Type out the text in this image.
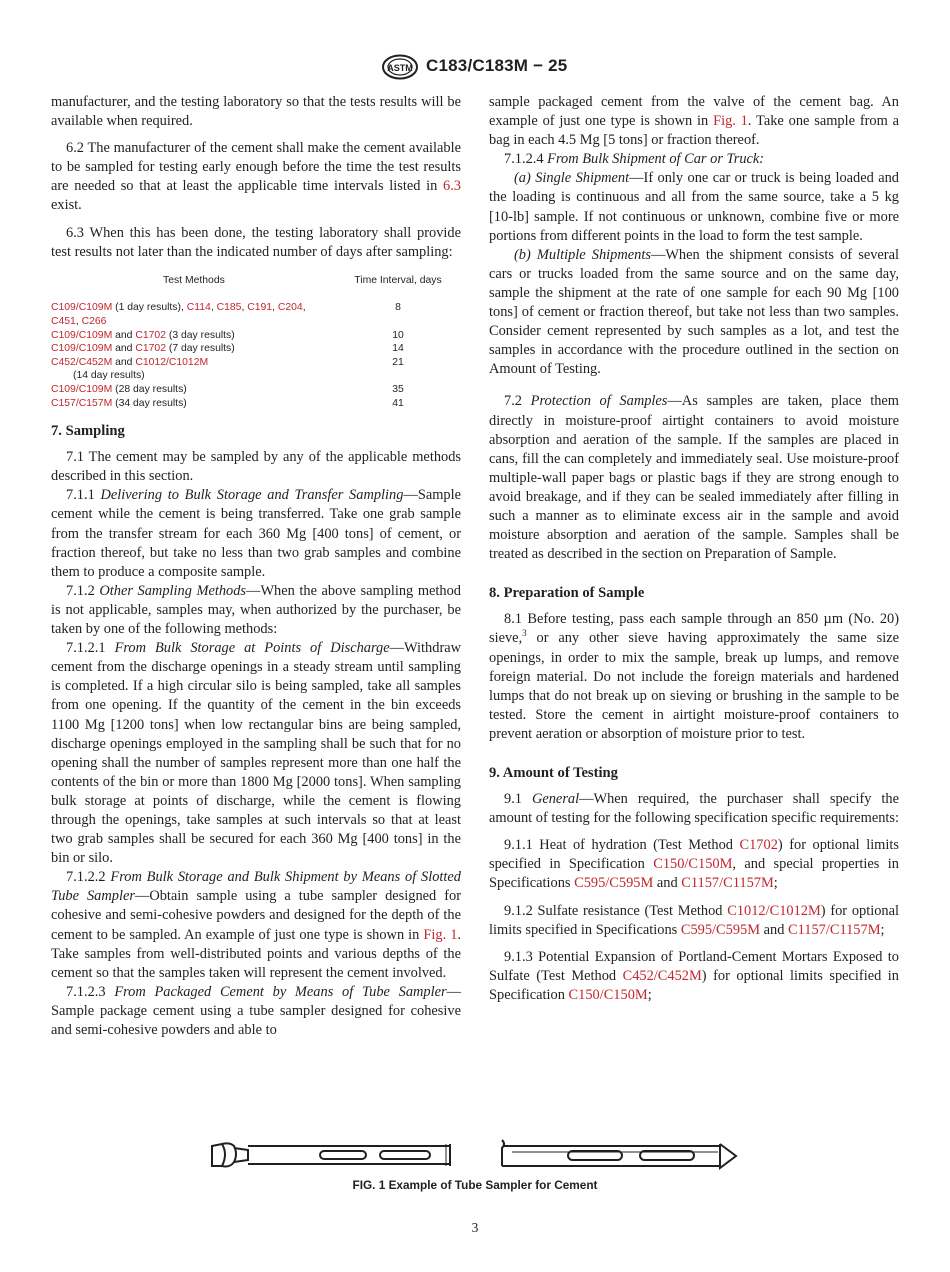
ASTM C183/C183M − 25

manufacturer, and the testing laboratory so that the tests results will be available when required.

6.2 The manufacturer of the cement shall make the cement available to be sampled for testing early enough before the time the test results are needed so that at least the applicable time intervals listed in 6.3 exist.

6.3 When this has been done, the testing laboratory shall provide test results not later than the indicated number of days after sampling:

Test Methods	Time Interval, days
C109/C109M (1 day results), C114, C185, C191, C204,
C451, C266	8
C109/C109M and C1702 (3 day results)	10
C109/C109M and C1702 (7 day results)	14
C452/C452M and C1012/C1012M
(14 day results)	21
C109/C109M (28 day results)	35
C157/C157M (34 day results)	41

7. Sampling

7.1 The cement may be sampled by any of the applicable methods described in this section.

7.1.1 Delivering to Bulk Storage and Transfer Sampling—Sample cement while the cement is being transferred. Take one grab sample from the transfer stream for each 360 Mg [400 tons] of cement, or fraction thereof, but take no less than two grab samples and combine them to produce a composite sample.

7.1.2 Other Sampling Methods—When the above sampling method is not applicable, samples may, when authorized by the purchaser, be taken by one of the following methods:

7.1.2.1 From Bulk Storage at Points of Discharge—Withdraw cement from the discharge openings in a steady stream until sampling is completed. If a high circular silo is being sampled, take all samples from one opening. If the quantity of the cement in the bin exceeds 1100 Mg [1200 tons] when low rectangular bins are being sampled, discharge openings employed in the sampling shall be such that for no opening shall the number of samples represent more than one half the contents of the bin or more than 1800 Mg [2000 tons]. When sampling bulk storage at points of discharge, while the cement is flowing through the openings, take samples at such intervals so that at least two grab samples shall be secured for each 360 Mg [400 tons] in the bin or silo.

7.1.2.2 From Bulk Storage and Bulk Shipment by Means of Slotted Tube Sampler—Obtain sample using a tube sampler designed for cohesive and semi-cohesive powders and designed for the depth of the cement to be sampled. An example of just one type is shown in Fig. 1. Take samples from well-distributed points and various depths of the cement so that the samples taken will represent the cement involved.

7.1.2.3 From Packaged Cement by Means of Tube Sampler—Sample package cement using a tube sampler designed for cohesive and semi-cohesive powders and able to

sample packaged cement from the valve of the cement bag. An example of just one type is shown in Fig. 1. Take one sample from a bag in each 4.5 Mg [5 tons] or fraction thereof.

7.1.2.4 From Bulk Shipment of Car or Truck:

(a) Single Shipment—If only one car or truck is being loaded and the loading is continuous and all from the same source, take a 5 kg [10-lb] sample. If not continuous or unknown, combine five or more portions from different points in the load to form the test sample.

(b) Multiple Shipments—When the shipment consists of several cars or trucks loaded from the same source and on the same day, sample the shipment at the rate of one sample for each 90 Mg [100 tons] of cement or fraction thereof, but take not less than two samples. Consider cement represented by such samples as a lot, and test the samples in accordance with the procedure outlined in the section on Amount of Testing.

7.2 Protection of Samples—As samples are taken, place them directly in moisture-proof airtight containers to avoid moisture absorption and aeration of the sample. If the samples are placed in cans, fill the can completely and immediately seal. Use moisture-proof multiple-wall paper bags or plastic bags if they are strong enough to avoid breakage, and if they can be sealed immediately after filling in such a manner as to eliminate excess air in the sample and avoid moisture absorption and aeration of the sample. Samples shall be treated as described in the section on Preparation of Sample.

8. Preparation of Sample

8.1 Before testing, pass each sample through an 850 µm (No. 20) sieve,$^3$ or any other sieve having approximately the same size openings, in order to mix the sample, break up lumps, and remove foreign material. Do not include the foreign materials and hardened lumps that do not break up on sieving or brushing in the sample to be tested. Store the cement in airtight moisture-proof containers to prevent aeration or absorption of moisture prior to test.

9. Amount of Testing

9.1 General—When required, the purchaser shall specify the amount of testing for the following specification specific requirements:

9.1.1 Heat of hydration (Test Method C1702) for optional limits specified in Specification C150/C150M, and special properties in Specifications C595/C595M and C1157/C1157M;

9.1.2 Sulfate resistance (Test Method C1012/C1012M) for optional limits specified in Specifications C595/C595M and C1157/C1157M;

9.1.3 Potential Expansion of Portland-Cement Mortars Exposed to Sulfate (Test Method C452/C452M) for optional limits specified in Specification C150/C150M;

FIG. 1 Example of Tube Sampler for Cement
3
